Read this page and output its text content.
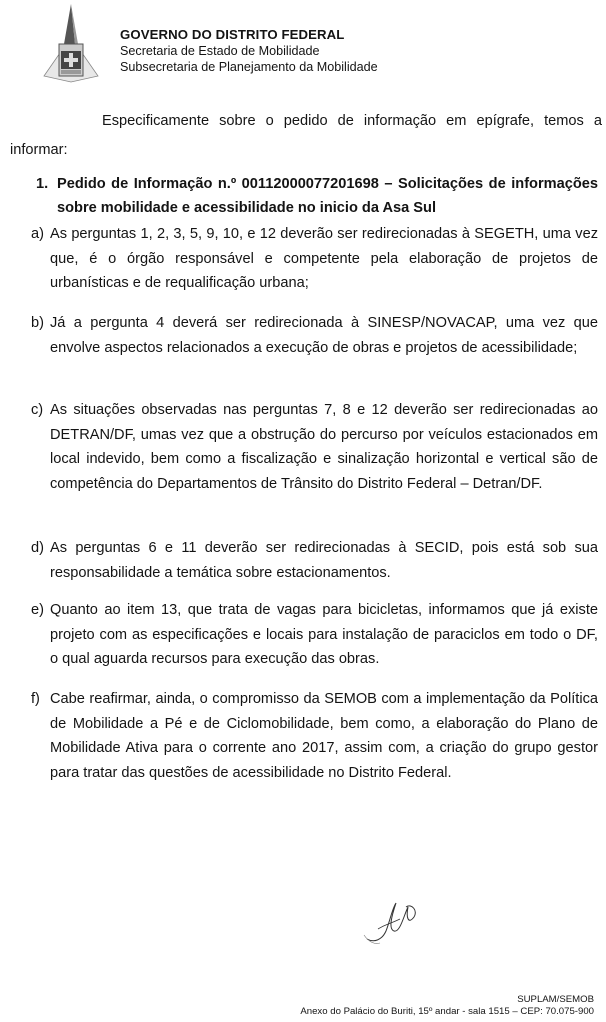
GOVERNO DO DISTRITO FEDERAL
Secretaria de Estado de Mobilidade
Subsecretaria de Planejamento da Mobilidade
Especificamente sobre o pedido de informação em epígrafe, temos a informar:
1. Pedido de Informação n.º 00112000077201698 – Solicitações de informações sobre mobilidade e acessibilidade no inicio da Asa Sul
a) As perguntas 1, 2, 3, 5, 9, 10, e 12 deverão ser redirecionadas à SEGETH, uma vez que, é o órgão responsável e competente pela elaboração de projetos de urbanísticas e de requalificação urbana;
b) Já a pergunta 4 deverá ser redirecionada à SINESP/NOVACAP, uma vez que envolve aspectos relacionados a execução de obras e projetos de acessibilidade;
c) As situações observadas nas perguntas 7, 8 e 12 deverão ser redirecionadas ao DETRAN/DF, umas vez que a obstrução do percurso por veículos estacionados em local indevido, bem como a fiscalização e sinalização horizontal e vertical são de competência do Departamentos de Trânsito do Distrito Federal – Detran/DF.
d) As perguntas 6 e 11 deverão ser redirecionadas à SECID, pois está sob sua responsabilidade a temática sobre estacionamentos.
e) Quanto ao item 13, que trata de vagas para bicicletas, informamos que já existe projeto com as especificações e locais para instalação de paraciclos em todo o DF, o qual aguarda recursos para execução das obras.
f) Cabe reafirmar, ainda, o compromisso da SEMOB com a implementação da Política de Mobilidade a Pé e de Ciclomobilidade, bem como, a elaboração do Plano de Mobilidade Ativa para o corrente ano 2017, assim com, a criação do grupo gestor para tratar das questões de acessibilidade no Distrito Federal.
SUPLAM/SEMOB
Anexo do Palácio do Buriti, 15º andar - sala 1515 – CEP: 70.075-900
